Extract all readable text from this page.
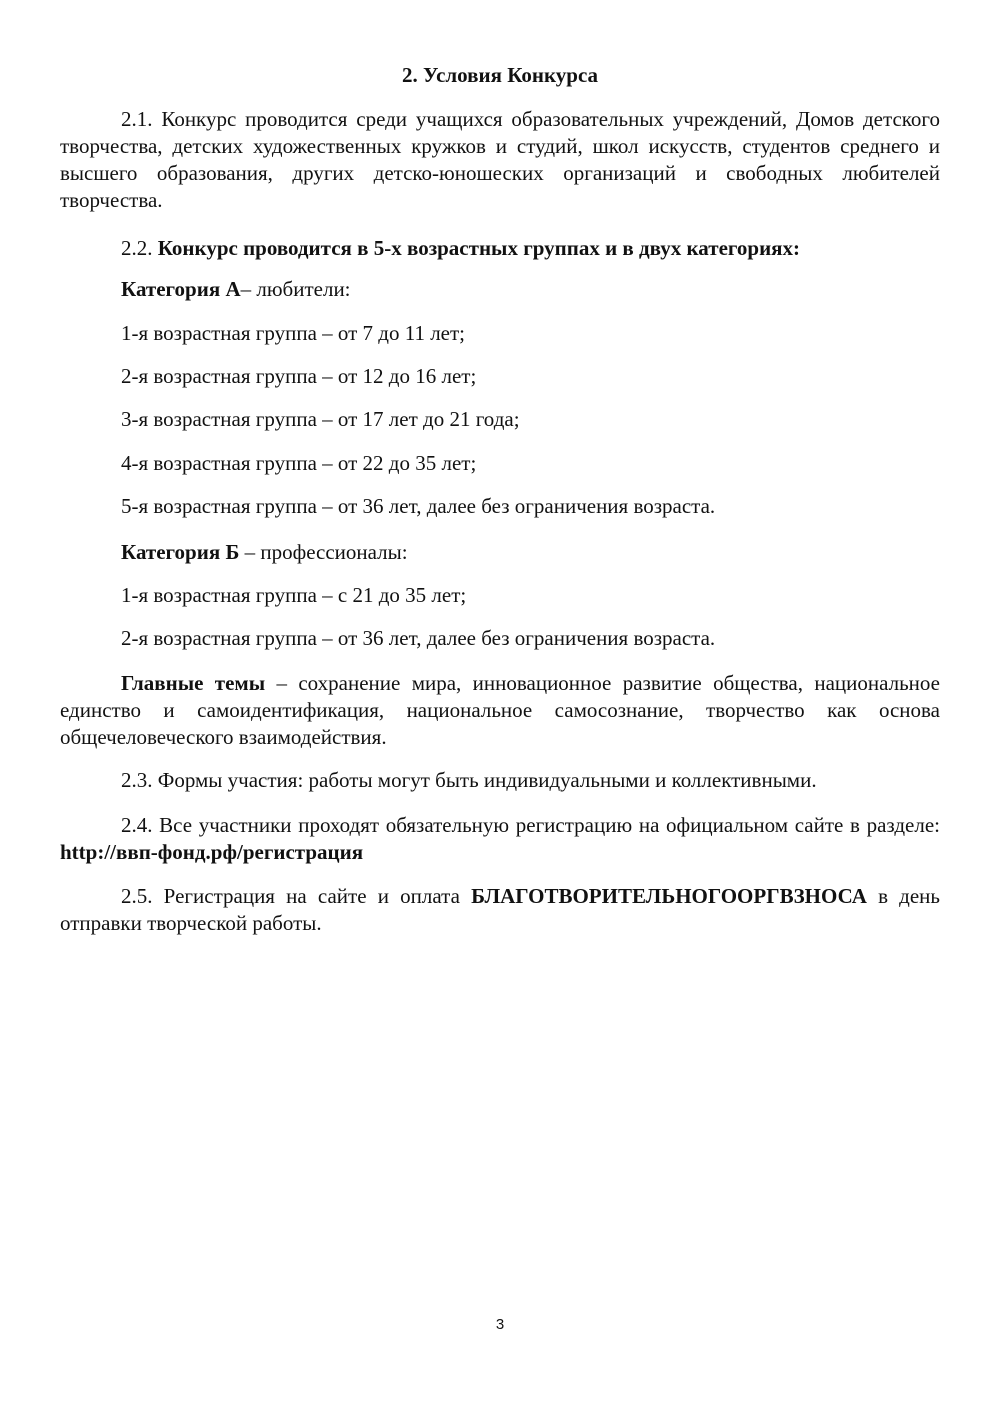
2. Условия Конкурса
2.1. Конкурс проводится среди учащихся образовательных учреждений, Домов детского творчества, детских художественных кружков и студий, школ искусств, студентов среднего и высшего образования, других детско-юношеских организаций и свободных любителей творчества.
2.2. Конкурс проводится в 5-х возрастных группах и в двух категориях:
Категория А– любители:
1-я возрастная группа – от 7 до 11 лет;
2-я возрастная группа – от 12 до 16 лет;
3-я возрастная группа – от 17 лет до 21 года;
4-я возрастная группа – от 22 до 35 лет;
5-я возрастная группа – от 36 лет, далее без ограничения возраста.
Категория Б – профессионалы:
1-я возрастная группа – с 21 до 35 лет;
2-я возрастная группа – от 36 лет, далее без ограничения возраста.
Главные темы – сохранение мира, инновационное развитие общества, национальное единство и самоидентификация, национальное самосознание, творчество как основа общечеловеческого взаимодействия.
2.3. Формы участия: работы могут быть индивидуальными и коллективными.
2.4. Все участники проходят обязательную регистрацию на официальном сайте в разделе: http://ввп-фонд.рф/регистрация
2.5. Регистрация на сайте и оплата БЛАГОТВОРИТЕЛЬНОГООРГВЗНОСА в день отправки творческой работы.
3
